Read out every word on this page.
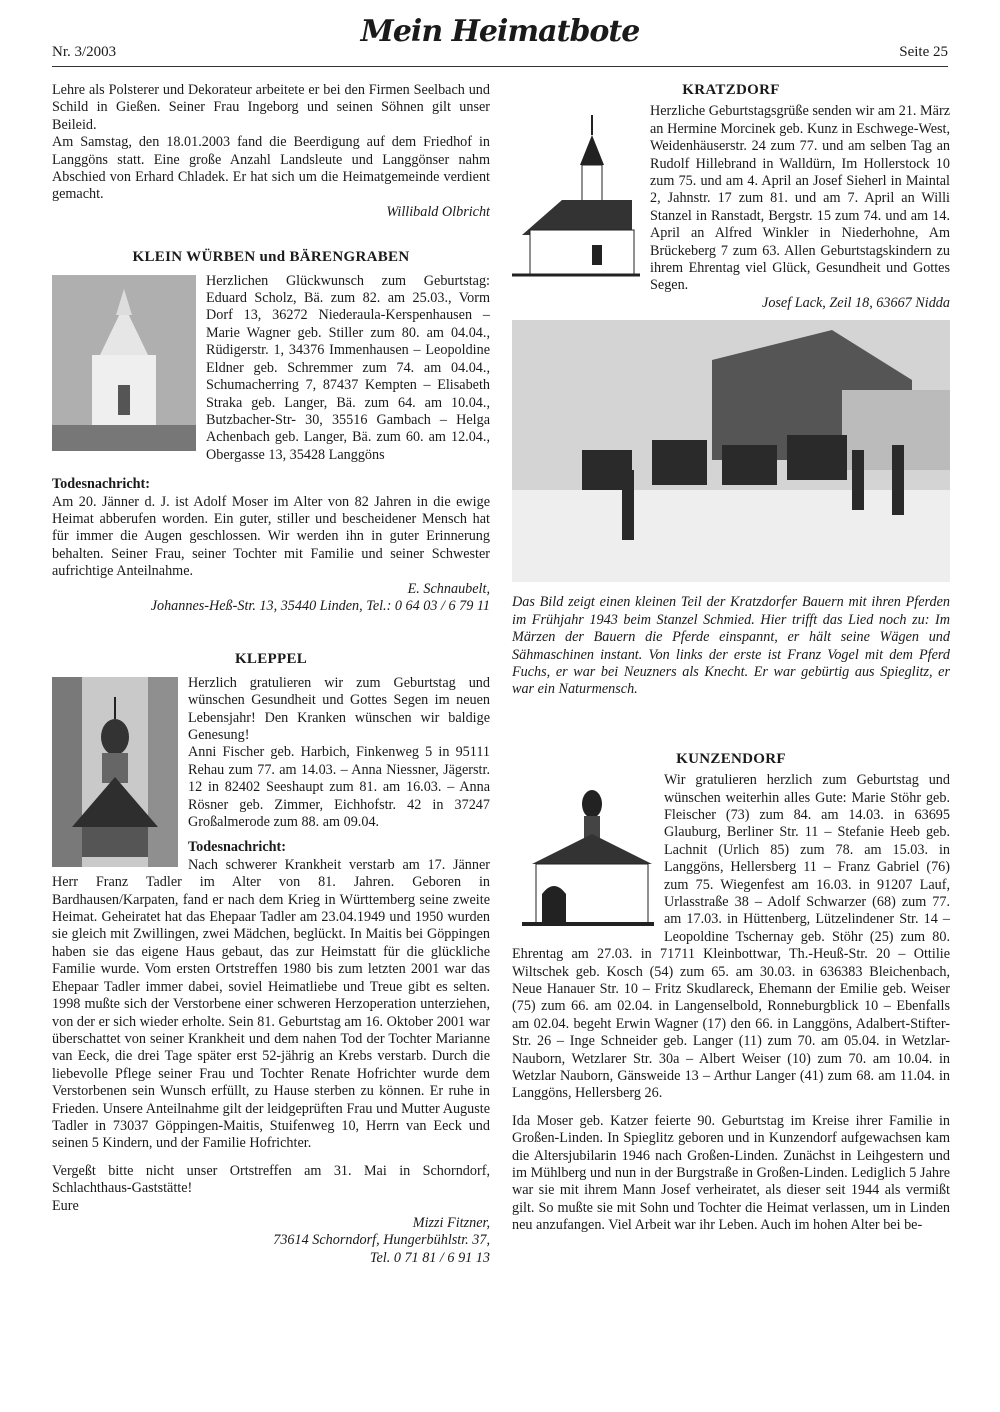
Nr. 3/2003
Mein Heimatbote
Seite 25

Lehre als Polsterer und Dekorateur arbeitete er bei den Firmen Seelbach und Schild in Gießen. Seiner Frau Ingeborg und seinen Söhnen gilt unser Beileid.

Am Samstag, den 18.01.2003 fand die Beerdigung auf dem Friedhof in Langgöns statt. Eine große Anzahl Landsleute und Langgönser nahm Abschied von Erhard Chladek. Er hat sich um die Heimatgemeinde verdient gemacht.

Willibald Olbricht

KLEIN WÜRBEN und BÄRENGRABEN

Herzlichen Glückwunsch zum Geburtstag: Eduard Scholz, Bä. zum 82. am 25.03., Vorm Dorf 13, 36272 Niederaula-Kerspenhausen – Marie Wagner geb. Stiller zum 80. am 04.04., Rüdigerstr. 1, 34376 Immenhausen – Leopoldine Eldner geb. Schremmer zum 74. am 04.04., Schumacherring 7, 87437 Kempten – Elisabeth Straka geb. Langer, Bä. zum 64. am 10.04., Butzbacher-Str- 30, 35516 Gambach – Helga Achenbach geb. Langer, Bä. zum 60. am 12.04., Obergasse 13, 35428 Langgöns

Todesnachricht:

Am 20. Jänner d. J. ist Adolf Moser im Alter von 82 Jahren in die ewige Heimat abberufen worden. Ein guter, stiller und bescheidener Mensch hat für immer die Augen geschlossen. Wir werden ihn in guter Erinnerung behalten. Seiner Frau, seiner Tochter mit Familie und seiner Schwester aufrichtige Anteilnahme.

E. Schnaubelt,

Johannes-Heß-Str. 13, 35440 Linden, Tel.: 0 64 03 / 6 79 11

KLEPPEL

Herzlich gratulieren wir zum Geburtstag und wünschen Gesundheit und Gottes Segen im neuen Lebensjahr! Den Kranken wünschen wir baldige Genesung!

Anni Fischer geb. Harbich, Finkenweg 5 in 95111 Rehau zum 77. am 14.03. – Anna Niessner, Jägerstr. 12 in 82402 Seeshaupt zum 81. am 16.03. – Anna Rösner geb. Zimmer, Eichhofstr. 42 in 37247 Großalmerode zum 88. am 09.04.

Todesnachricht:

Nach schwerer Krankheit verstarb am 17. Jänner Herr Franz Tadler im Alter von 81. Jahren. Geboren in Bardhausen/Karpaten, fand er nach dem Krieg in Württemberg seine zweite Heimat. Geheiratet hat das Ehepaar Tadler am 23.04.1949 und 1950 wurden sie gleich mit Zwillingen, zwei Mädchen, beglückt. In Maitis bei Göppingen haben sie das eigene Haus gebaut, das zur Heimstatt für die glückliche Familie wurde. Vom ersten Ortstreffen 1980 bis zum letzten 2001 war das Ehepaar Tadler immer dabei, soviel Heimatliebe und Treue gibt es selten. 1998 mußte sich der Verstorbene einer schweren Herzoperation unterziehen, von der er sich wieder erholte. Sein 81. Geburtstag am 16. Oktober 2001 war überschattet von seiner Krankheit und dem nahen Tod der Tochter Marianne van Eeck, die drei Tage später erst 52-jährig an Krebs verstarb. Durch die liebevolle Pflege seiner Frau und Tochter Renate Hofrichter wurde dem Verstorbenen sein Wunsch erfüllt, zu Hause sterben zu können. Er ruhe in Frieden. Unsere Anteilnahme gilt der leidgeprüften Frau und Mutter Auguste Tadler in 73037 Göppingen-Maitis, Stuifenweg 10, Herrn van Eeck und seinen 5 Kindern, und der Familie Hofrichter.

Vergeßt bitte nicht unser Ortstreffen am 31. Mai in Schorndorf, Schlachthaus-Gaststätte!

Eure

Mizzi Fitzner,

73614 Schorndorf, Hungerbühlstr. 37,

Tel. 0 71 81 / 6 91 13

KRATZDORF

Herzliche Geburtstagsgrüße senden wir am 21. März an Hermine Morcinek geb. Kunz in Eschwege-West, Weidenhäuserstr. 24 zum 77. und am selben Tag an Rudolf Hillebrand in Walldürn, Im Hollerstock 10 zum 75. und am 4. April an Josef Sieherl in Maintal 2, Jahnstr. 17 zum 81. und am 7. April an Willi Stanzel in Ranstadt, Bergstr. 15 zum 74. und am 14. April an Alfred Winkler in Niederhohne, Am Brückeberg 7 zum 63. Allen Geburtstagskindern zu ihrem Ehrentag viel Glück, Gesundheit und Gottes Segen.

Josef Lack, Zeil 18, 63667 Nidda

Das Bild zeigt einen kleinen Teil der Kratzdorfer Bauern mit ihren Pferden im Frühjahr 1943 beim Stanzel Schmied. Hier trifft das Lied noch zu: Im Märzen der Bauern die Pferde einspannt, er hält seine Wägen und Sähmaschinen instant. Von links der erste ist Franz Vogel mit dem Pferd Fuchs, er war bei Neuzners als Knecht. Er war gebürtig aus Spieglitz, er war ein Naturmensch.

KUNZENDORF

Wir gratulieren herzlich zum Geburtstag und wünschen weiterhin alles Gute: Marie Stöhr geb. Fleischer (73) zum 84. am 14.03. in 63695 Glauburg, Berliner Str. 11 – Stefanie Heeb geb. Lachnit (Urlich 85) zum 78. am 15.03. in Langgöns, Hellersberg 11 – Franz Gabriel (76) zum 75. Wiegenfest am 16.03. in 91207 Lauf, Urlasstraße 38 – Adolf Schwarzer (68) zum 77. am 17.03. in Hüttenberg, Lützelindener Str. 14 – Leopoldine Tschernay geb. Stöhr (25) zum 80. Ehrentag am 27.03. in 71711 Kleinbottwar, Th.-Heuß-Str. 20 – Ottilie Wiltschek geb. Kosch (54) zum 65. am 30.03. in 636383 Bleichenbach, Neue Hanauer Str. 10 – Fritz Skudlareck, Ehemann der Emilie geb. Weiser (75) zum 66. am 02.04. in Langenselbold, Ronneburgblick 10 – Ebenfalls am 02.04. begeht Erwin Wagner (17) den 66. in Langgöns, Adalbert-Stifter-Str. 26 – Inge Schneider geb. Langer (11) zum 70. am 05.04. in Wetzlar-Nauborn, Wetzlarer Str. 30a – Albert Weiser (10) zum 70. am 10.04. in Wetzlar Nauborn, Gänsweide 13 – Arthur Langer (41) zum 68. am 11.04. in Langgöns, Hellersberg 26.

Ida Moser geb. Katzer feierte 90. Geburtstag im Kreise ihrer Familie in Großen-Linden. In Spieglitz geboren und in Kunzendorf aufgewachsen kam die Altersjubilarin 1946 nach Großen-Linden. Zunächst in Leihgestern und im Mühlberg und nun in der Burgstraße in Großen-Linden. Lediglich 5 Jahre war sie mit ihrem Mann Josef verheiratet, als dieser seit 1944 als vermißt gilt. So mußte sie mit Sohn und Tochter die Heimat verlassen, um in Linden neu anzufangen. Viel Arbeit war ihr Leben. Auch im hohen Alter bei be-
